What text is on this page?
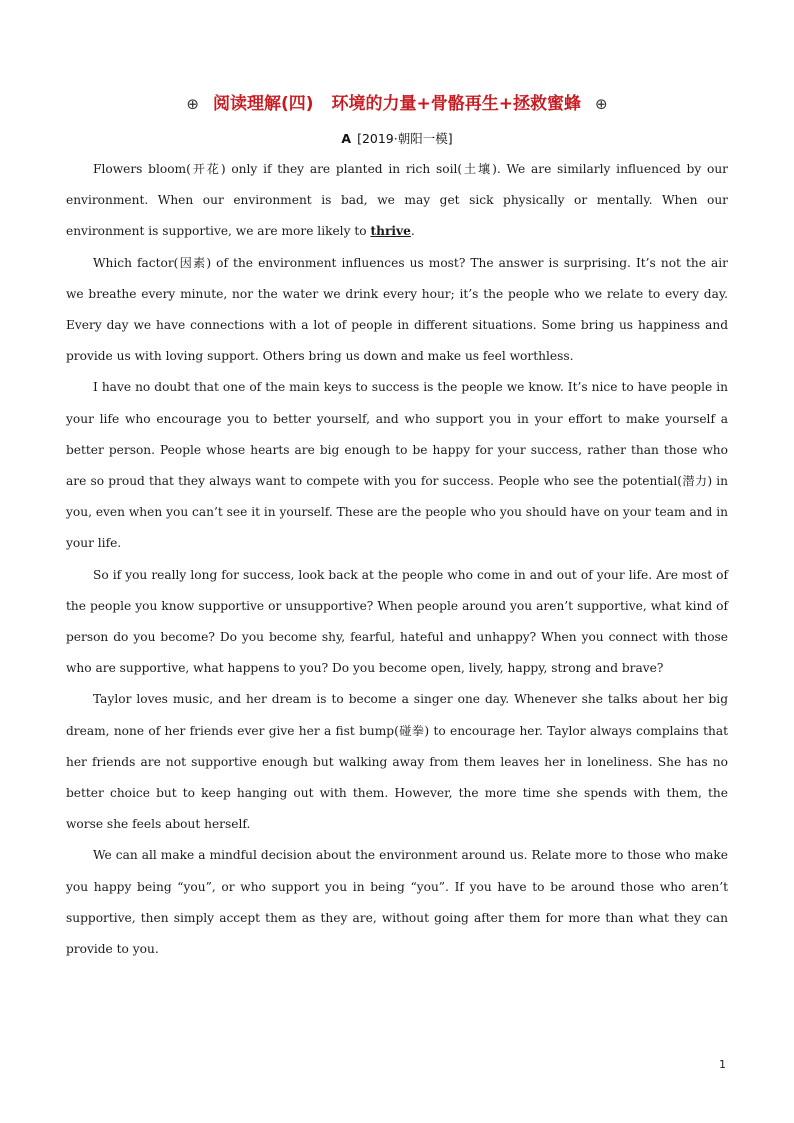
⊕ 阅读理解(四) 环境的力量+骨骼再生+拯救蜜蜂 ⊕
A [2019·朝阳一模]

Flowers bloom(开花) only if they are planted in rich soil(土壤). We are similarly influenced by our environment. When our environment is bad, we may get sick physically or mentally. When our environment is supportive, we are more likely to thrive.

Which factor(因素) of the environment influences us most? The answer is surprising. It’s not the air we breathe every minute, nor the water we drink every hour; it’s the people who we relate to every day. Every day we have connections with a lot of people in different situations. Some bring us happiness and provide us with loving support. Others bring us down and make us feel worthless.

I have no doubt that one of the main keys to success is the people we know. It’s nice to have people in your life who encourage you to better yourself, and who support you in your effort to make yourself a better person. People whose hearts are big enough to be happy for your success, rather than those who are so proud that they always want to compete with you for success. People who see the potential(潜力) in you, even when you can’t see it in yourself. These are the people who you should have on your team and in your life.

So if you really long for success, look back at the people who come in and out of your life. Are most of the people you know supportive or unsupportive? When people around you aren’t supportive, what kind of person do you become? Do you become shy, fearful, hateful and unhappy? When you connect with those who are supportive, what happens to you? Do you become open, lively, happy, strong and brave?

Taylor loves music, and her dream is to become a singer one day. Whenever she talks about her big dream, none of her friends ever give her a fist bump(碰拳) to encourage her. Taylor always complains that her friends are not supportive enough but walking away from them leaves her in loneliness. She has no better choice but to keep hanging out with them. However, the more time she spends with them, the worse she feels about herself.

We can all make a mindful decision about the environment around us. Relate more to those who make you happy being “you”, or who support you in being “you”. If you have to be around those who aren’t supportive, then simply accept them as they are, without going after them for more than what they can provide to you.

1
